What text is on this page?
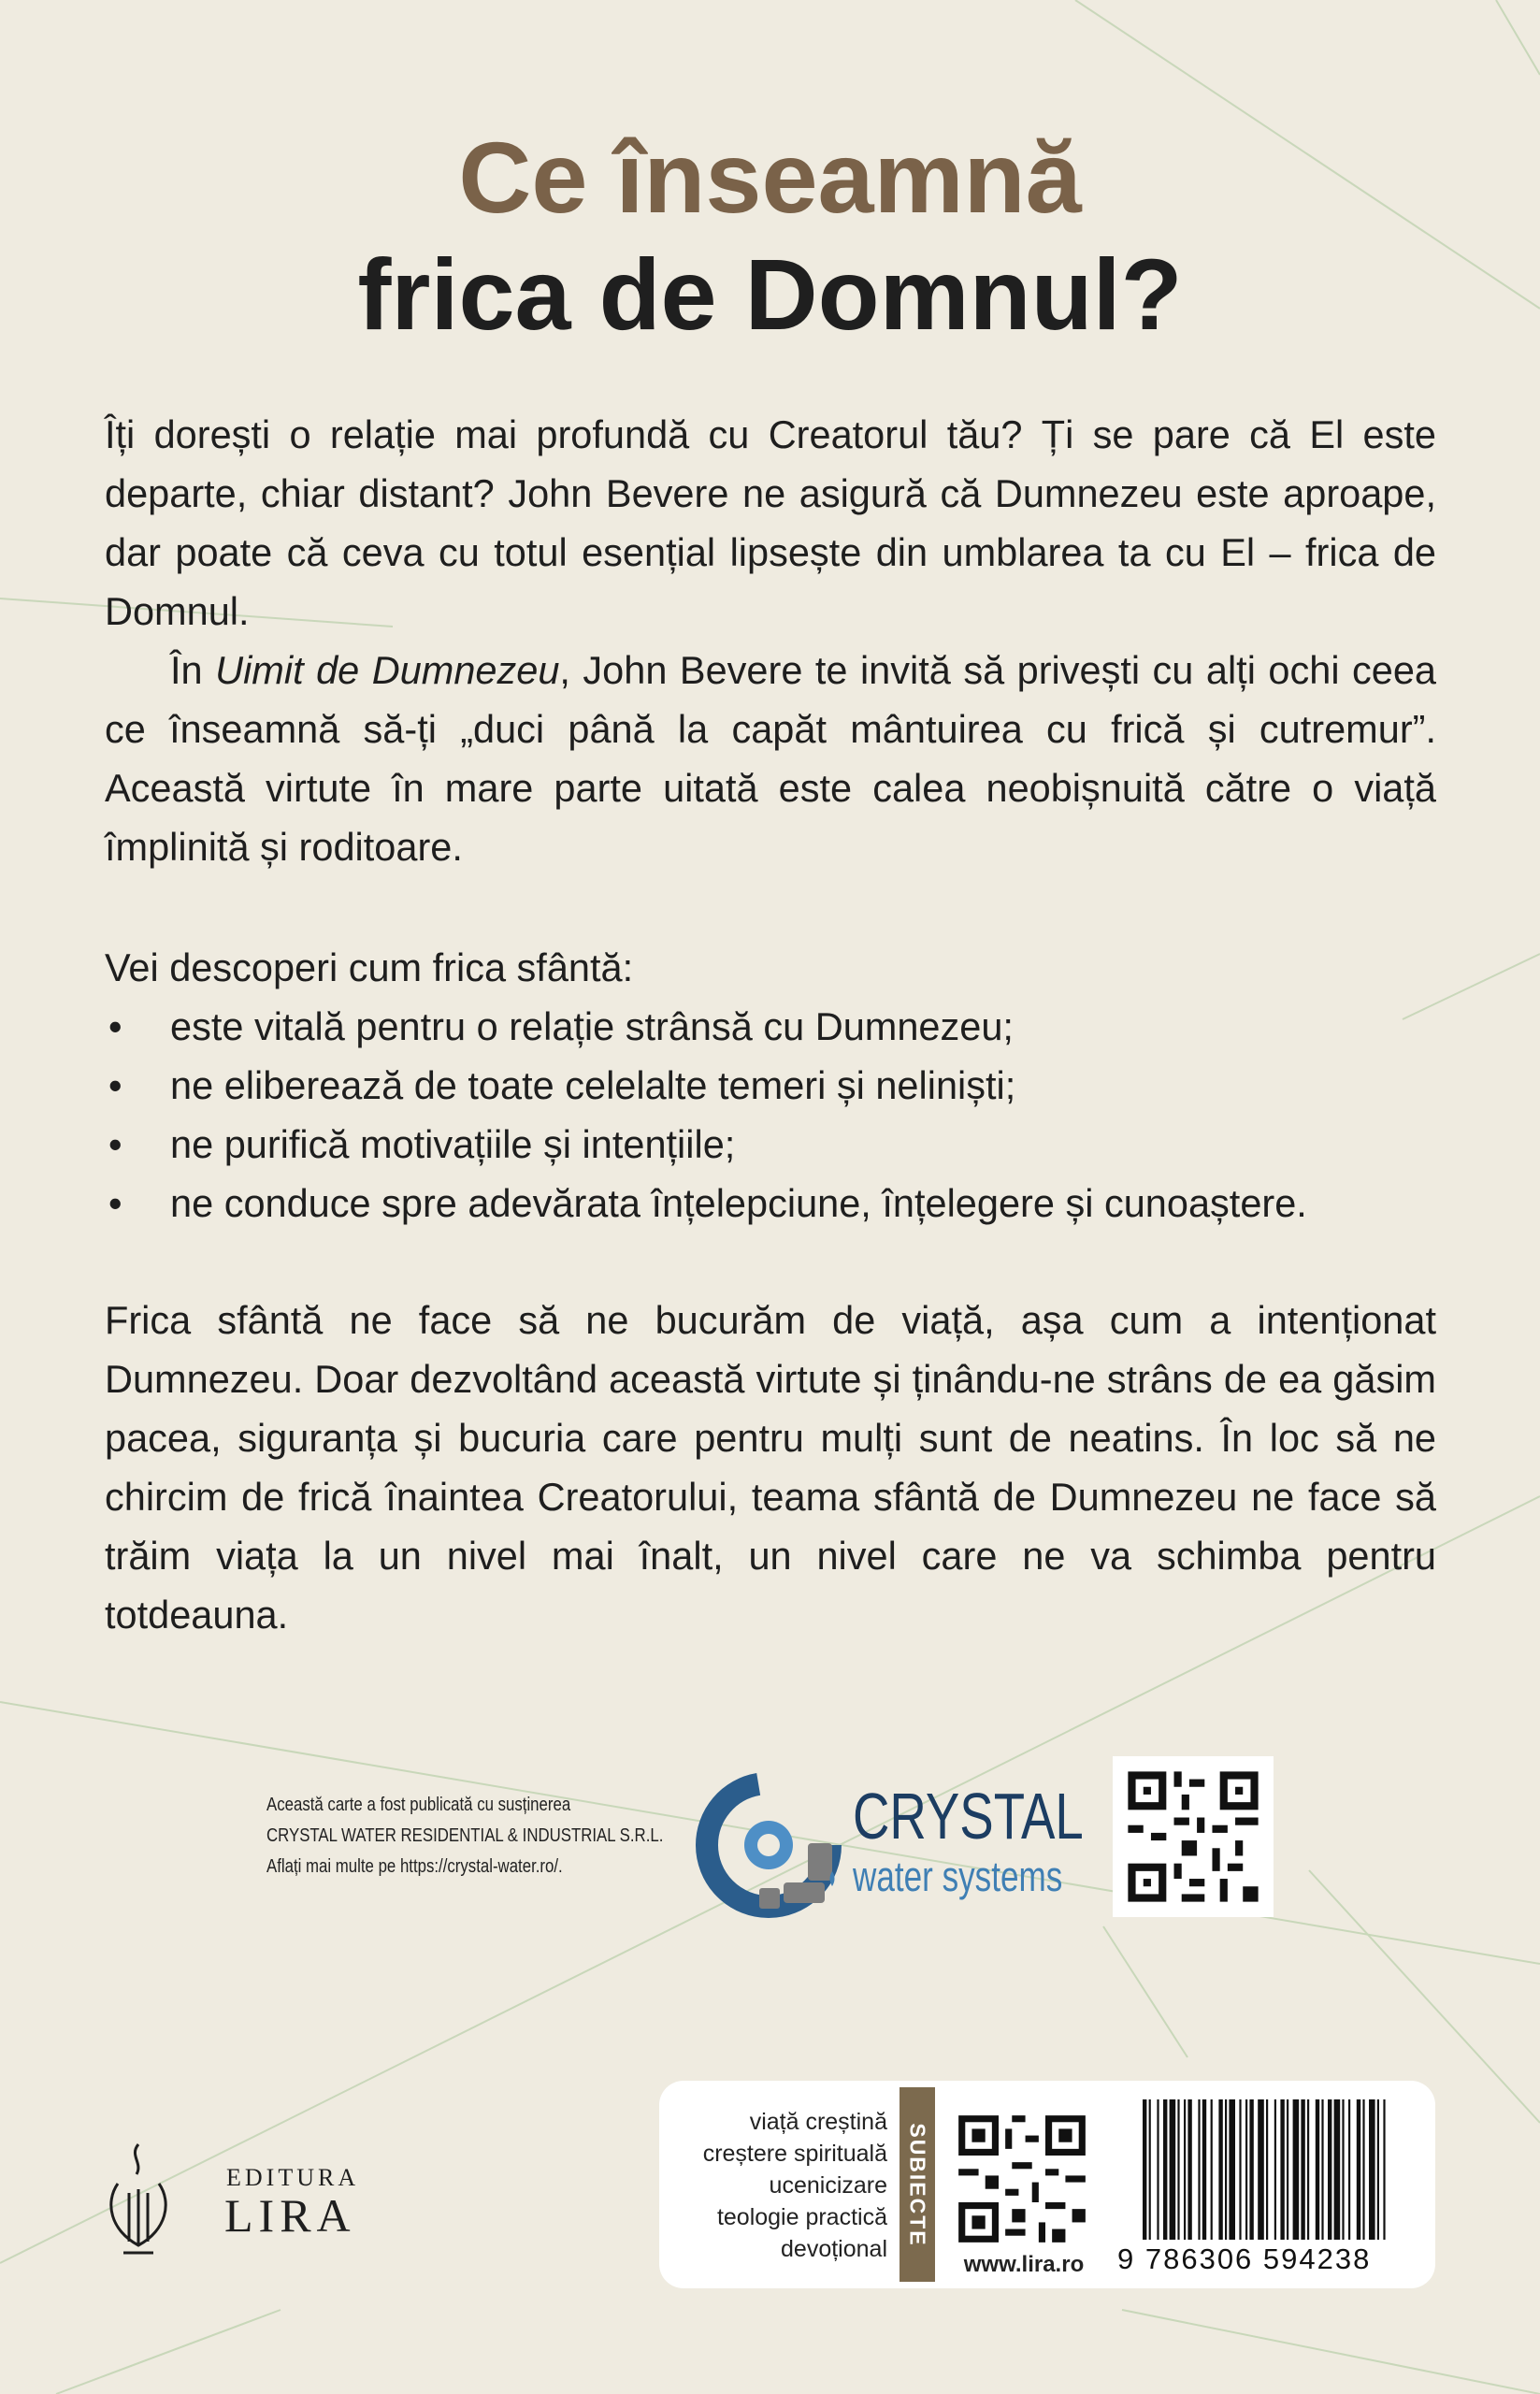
Ce înseamnă
frica de Domnul?

Îți dorești o relație mai profundă cu Creatorul tău? Ți se pare că El este departe, chiar distant? John Bevere ne asigură că Dumnezeu este aproape, dar poate că ceva cu totul esențial lipsește din umblarea ta cu El – frica de Domnul.

În Uimit de Dumnezeu, John Bevere te invită să privești cu alți ochi ceea ce înseamnă să-ți „duci până la capăt mântuirea cu frică și cutremur”. Această virtute în mare parte uitată este calea neobișnuită către o viață împlinită și roditoare.

Vei descoperi cum frica sfântă:

• este vitală pentru o relație strânsă cu Dumnezeu;
• ne eliberează de toate celelalte temeri și neliniști;
• ne purifică motivațiile și intențiile;
• ne conduce spre adevărata înțelepciune, înțelegere și cunoaștere.

Frica sfântă ne face să ne bucurăm de viață, așa cum a intenționat Dumnezeu. Doar dezvoltând această virtute și ținându-ne strâns de ea găsim pacea, siguranța și bucuria care pentru mulți sunt de neatins. În loc să ne chircim de frică înaintea Creatorului, teama sfântă de Dumnezeu ne face să trăim viața la un nivel mai înalt, un nivel care ne va schimba pentru totdeauna.

Această carte a fost publicată cu susținerea
CRYSTAL WATER RESIDENTIAL & INDUSTRIAL S.R.L.
Aflați mai multe pe https://crystal-water.ro/.
CRYSTAL
water systems
EDITURA
LIRA
viață creștină
creștere spirituală
ucenicizare
teologie practică
devoțional
SUBIECTE
www.lira.ro	9 786306 594238
